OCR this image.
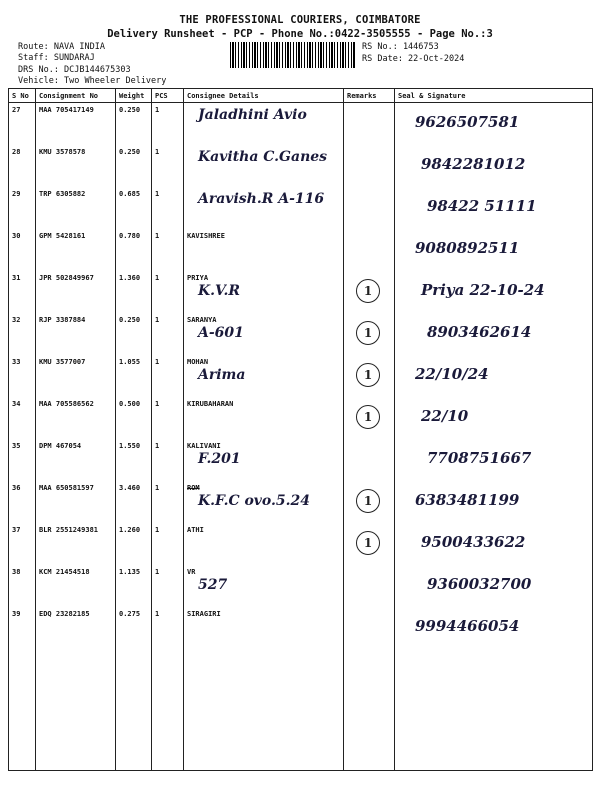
THE PROFESSIONAL COURIERS, COIMBATORE
Delivery Runsheet - PCP - Phone No.:0422-3505555 - Page No.:3
Route: NAVA INDIA
Staff: SUNDARAJ
DRS No.: DCJB144675303
Vehicle: Two Wheeler Delivery
RS No.: 1446753
RS Date: 22-Oct-2024
S No	Consignment No	Weight	PCS	Consignee Details	Remarks	Seal & Signature
27	MAA 705417149	0.250	1	Jaladhini Avio		9626507581

28	KMU 3578578	0.250	1	Kavitha C.Ganes		9842281012

29	TRP 6305882	0.685	1	Aravish.R A-116		98422 51111

30	GPM 5428161	0.780	1	KAVISHREE		9080892511

31	JPR 502849967	1.360	1	PRIYA
K.V.R	1	Priya 22-10-24

32	RJP 3387884	0.250	1	SARANYA
A-601	1	8903462614

33	KMU 3577007	1.055	1	MOHAN
Arima	1	22/10/24

34	MAA 705586562	0.500	1	KIRUBAHARAN	1	22/10

35	DPM 467054	1.550	1	KALIVANI
F.201		7708751667

36	MAA 650581597	3.460	1	ROM
K.F.C ovo.5.24	1	6383481199

37	BLR 2551249381	1.260	1	ATHI	1	9500433622

38	KCM 21454518	1.135	1	VR
527		9360032700

39	EDQ 23282185	0.275	1	SIRAGIRI		9994466054
